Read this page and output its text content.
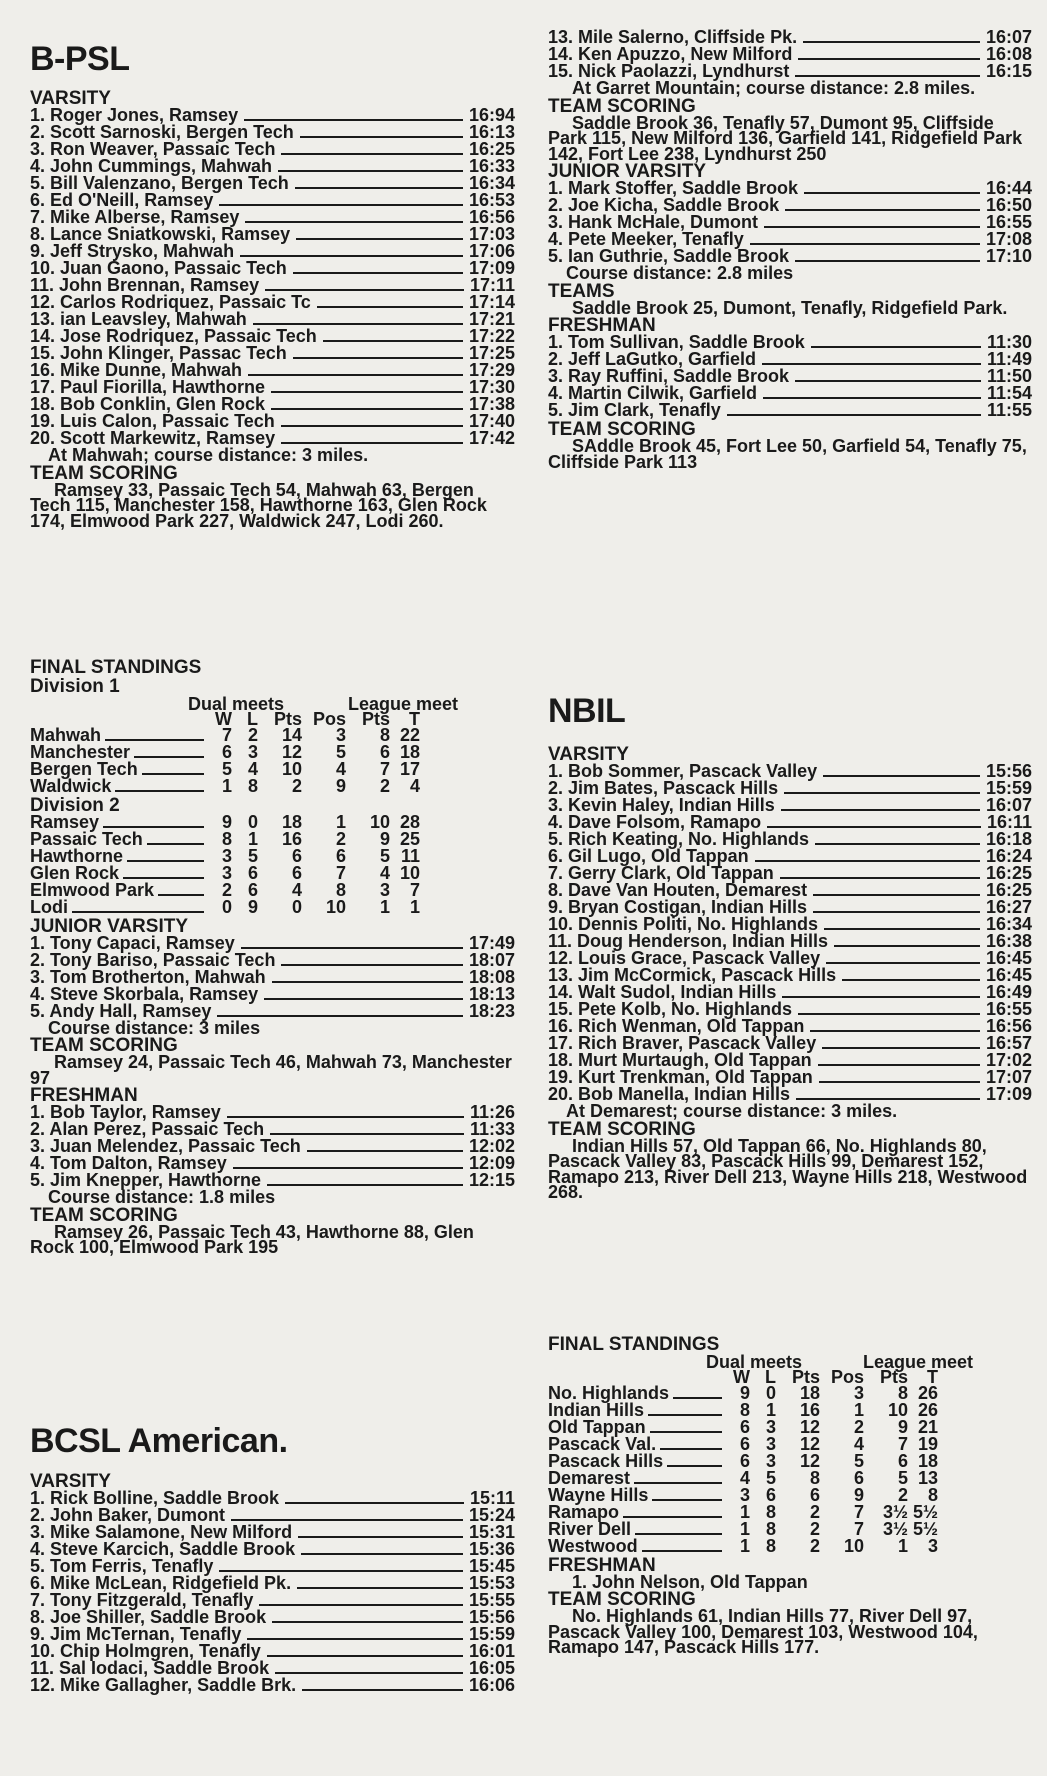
B-PSL
VARSITY
1. Roger Jones, Ramsey	16:94
2. Scott Sarnoski, Bergen Tech	16:13
3. Ron Weaver, Passaic Tech	16:25
4. John Cummings, Mahwah	16:33
5. Bill Valenzano, Bergen Tech	16:34
6. Ed O'Neill, Ramsey	16:53
7. Mike Alberse, Ramsey	16:56
8. Lance Sniatkowski, Ramsey	17:03
9. Jeff Strysko, Mahwah	17:06
10. Juan Gaono, Passaic Tech	17:09
11. John Brennan, Ramsey	17:11
12. Carlos Rodriquez, Passaic Tc	17:14
13. ian Leavsley, Mahwah	17:21
14. Jose Rodriquez, Passaic Tech	17:22
15. John Klinger, Passac Tech	17:25
16. Mike Dunne, Mahwah	17:29
17. Paul Fiorilla, Hawthorne	17:30
18. Bob Conklin, Glen Rock	17:38
19. Luis Calon, Passaic Tech	17:40
20. Scott Markewitz, Ramsey	17:42
At Mahwah; course distance: 3 miles.
TEAM SCORING
Ramsey 33, Passaic Tech 54, Mahwah 63, Bergen Tech 115, Manchester 158, Hawthorne 163, Glen Rock 174, Elmwood Park 227, Waldwick 247, Lodi 260.
FINAL STANDINGS
Division 1
Dual meets	League meet
	W	L	Pts	Pos	Pts	T

Mahwah	7	2	14	3	8	22

Manchester	6	3	12	5	6	18

Bergen Tech	5	4	10	4	7	17

Waldwick	1	8	2	9	2	4
Division 2
Ramsey	9	0	18	1	10	28

Passaic Tech	8	1	16	2	9	25

Hawthorne	3	5	6	6	5	11

Glen Rock	3	6	6	7	4	10

Elmwood Park	2	6	4	8	3	7

Lodi	0	9	0	10	1	1
JUNIOR VARSITY
1. Tony Capaci, Ramsey	17:49
2. Tony Bariso, Passaic Tech	18:07
3. Tom Brotherton, Mahwah	18:08
4. Steve Skorbala, Ramsey	18:13
5. Andy Hall, Ramsey	18:23
Course distance: 3 miles
TEAM SCORING
Ramsey 24, Passaic Tech 46, Mahwah 73, Manchester 97
FRESHMAN
1. Bob Taylor, Ramsey	11:26
2. Alan Perez, Passaic Tech	11:33
3. Juan Melendez, Passaic Tech	12:02
4. Tom Dalton, Ramsey	12:09
5. Jim Knepper, Hawthorne	12:15
Course distance: 1.8 miles
TEAM SCORING
Ramsey 26, Passaic Tech 43, Hawthorne 88, Glen Rock 100, Elmwood Park 195
BCSL American.
VARSITY
1. Rick Bolline, Saddle Brook	15:11
2. John Baker, Dumont	15:24
3. Mike Salamone, New Milford	15:31
4. Steve Karcich, Saddle Brook	15:36
5. Tom Ferris, Tenafly	15:45
6. Mike McLean, Ridgefield Pk.	15:53
7. Tony Fitzgerald, Tenafly	15:55
8. Joe Shiller, Saddle Brook	15:56
9. Jim McTernan, Tenafly	15:59
10. Chip Holmgren, Tenafly	16:01
11. Sal Iodaci, Saddle Brook	16:05
12. Mike Gallagher, Saddle Brk.	16:06
13. Mile Salerno, Cliffside Pk.	16:07
14. Ken Apuzzo, New Milford	16:08
15. Nick Paolazzi, Lyndhurst	16:15
At Garret Mountain; course distance: 2.8 miles.
TEAM SCORING
Saddle Brook 36, Tenafly 57, Dumont 95, Cliffside Park 115, New Milford 136, Garfield 141, Ridgefield Park 142, Fort Lee 238, Lyndhurst 250
JUNIOR VARSITY
1. Mark Stoffer, Saddle Brook	16:44
2. Joe Kicha, Saddle Brook	16:50
3. Hank McHale, Dumont	16:55
4. Pete Meeker, Tenafly	17:08
5. Ian Guthrie, Saddle Brook	17:10
Course distance: 2.8 miles
TEAMS
Saddle Brook 25, Dumont, Tenafly, Ridgefield Park.
FRESHMAN
1. Tom Sullivan, Saddle Brook	11:30
2. Jeff LaGutko, Garfield	11:49
3. Ray Ruffini, Saddle Brook	11:50
4. Martin Cilwik, Garfield	11:54
5. Jim Clark, Tenafly	11:55
TEAM SCORING
SAddle Brook 45, Fort Lee 50, Garfield 54, Tenafly 75, Cliffside Park 113
NBIL
VARSITY
1. Bob Sommer, Pascack Valley	15:56
2. Jim Bates, Pascack Hills	15:59
3. Kevin Haley, Indian Hills	16:07
4. Dave Folsom, Ramapo	16:11
5. Rich Keating, No. Highlands	16:18
6. Gil Lugo, Old Tappan	16:24
7. Gerry Clark, Old Tappan	16:25
8. Dave Van Houten, Demarest	16:25
9. Bryan Costigan, Indian Hills	16:27
10. Dennis Politi, No. Highlands	16:34
11. Doug Henderson, Indian Hills	16:38
12. Louis Grace, Pascack Valley	16:45
13. Jim McCormick, Pascack Hills	16:45
14. Walt Sudol, Indian Hills	16:49
15. Pete Kolb, No. Highlands	16:55
16. Rich Wenman, Old Tappan	16:56
17. Rich Braver, Pascack Valley	16:57
18. Murt Murtaugh, Old Tappan	17:02
19. Kurt Trenkman, Old Tappan	17:07
20. Bob Manella, Indian Hills	17:09
At Demarest; course distance: 3 miles.
TEAM SCORING
Indian Hills 57, Old Tappan 66, No. Highlands 80, Pascack Valley 83, Pascack Hills 99, Demarest 152, Ramapo 213, River Dell 213, Wayne Hills 218, Westwood 268.
FINAL STANDINGS
Dual meets	League meet
	W	L	Pts	Pos	Pts	T

No. Highlands	9	0	18	3	8	26

Indian Hills	8	1	16	1	10	26

Old Tappan	6	3	12	2	9	21

Pascack Val.	6	3	12	4	7	19

Pascack Hills	6	3	12	5	6	18

Demarest	4	5	8	6	5	13

Wayne Hills	3	6	6	9	2	8

Ramapo	1	8	2	7	3½	5½

River Dell	1	8	2	7	3½	5½

Westwood	1	8	2	10	1	3
FRESHMAN
1. John Nelson, Old Tappan
TEAM SCORING
No. Highlands 61, Indian Hills 77, River Dell 97, Pascack Valley 100, Demarest 103, Westwood 104, Ramapo 147, Pascack Hills 177.
